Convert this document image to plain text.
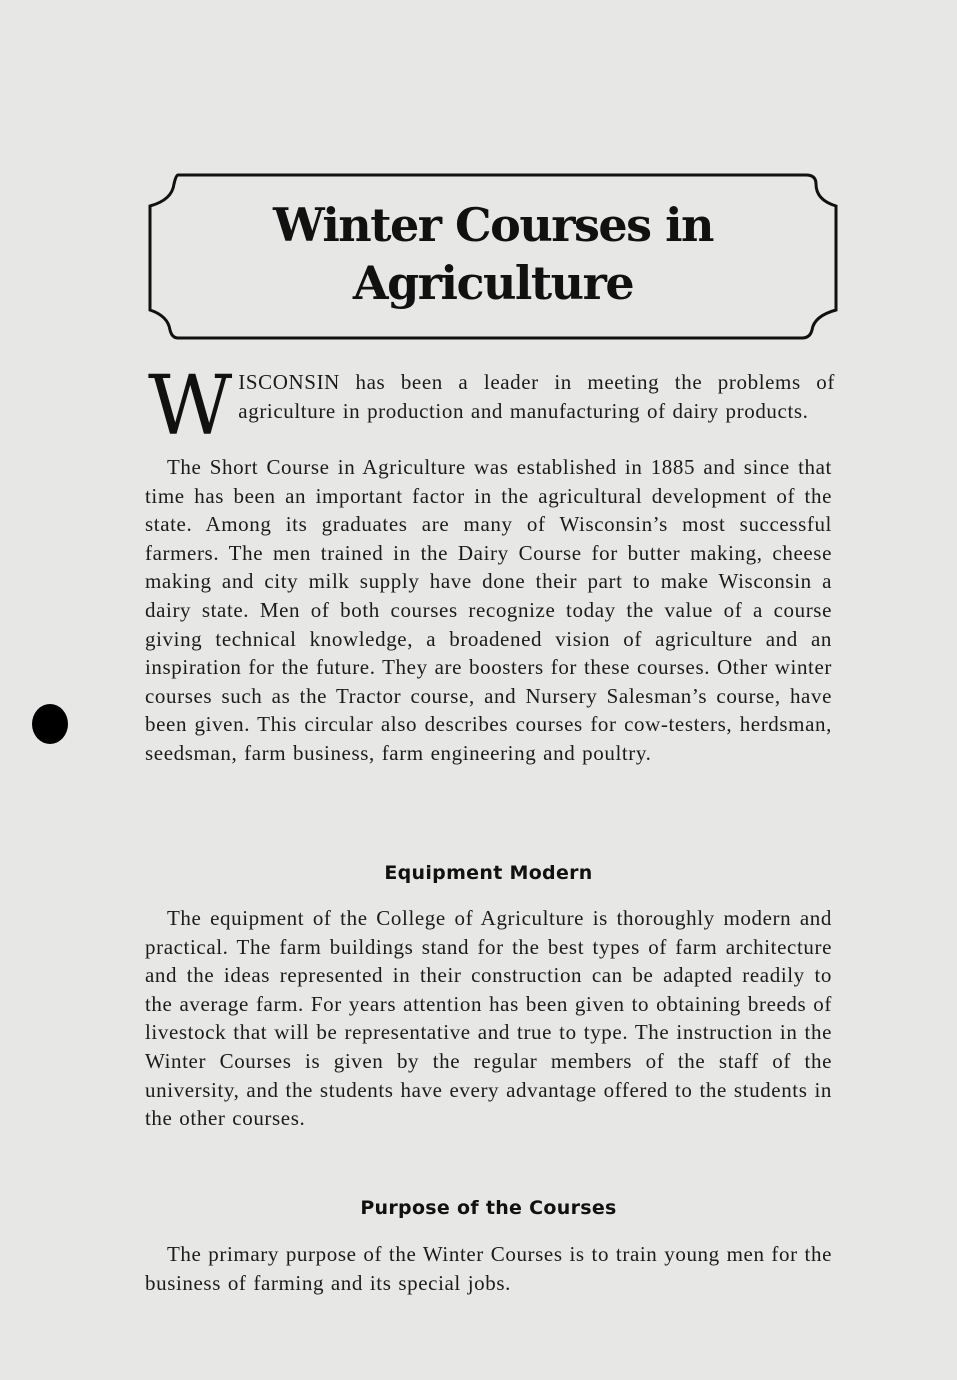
Winter Courses in
Agriculture

WISCONSIN has been a leader in meeting the problems of agriculture in production and manufacturing of dairy products.

The Short Course in Agriculture was established in 1885 and since that time has been an important factor in the agricultural development of the state. Among its graduates are many of Wisconsin’s most successful farmers. The men trained in the Dairy Course for butter making, cheese making and city milk supply have done their part to make Wisconsin a dairy state. Men of both courses recognize today the value of a course giving technical knowledge, a broadened vision of agriculture and an inspiration for the future. They are boosters for these courses. Other winter courses such as the Tractor course, and Nursery Salesman’s course, have been given. This circular also describes courses for cow-testers, herdsman, seedsman, farm business, farm engineering and poultry.

Equipment Modern

The equipment of the College of Agriculture is thoroughly modern and practical. The farm buildings stand for the best types of farm architecture and the ideas represented in their construction can be adapted readily to the average farm. For years attention has been given to obtaining breeds of livestock that will be representative and true to type. The instruction in the Winter Courses is given by the regular members of the staff of the university, and the students have every advantage offered to the students in the other courses.

Purpose of the Courses

The primary purpose of the Winter Courses is to train young men for the business of farming and its special jobs.
